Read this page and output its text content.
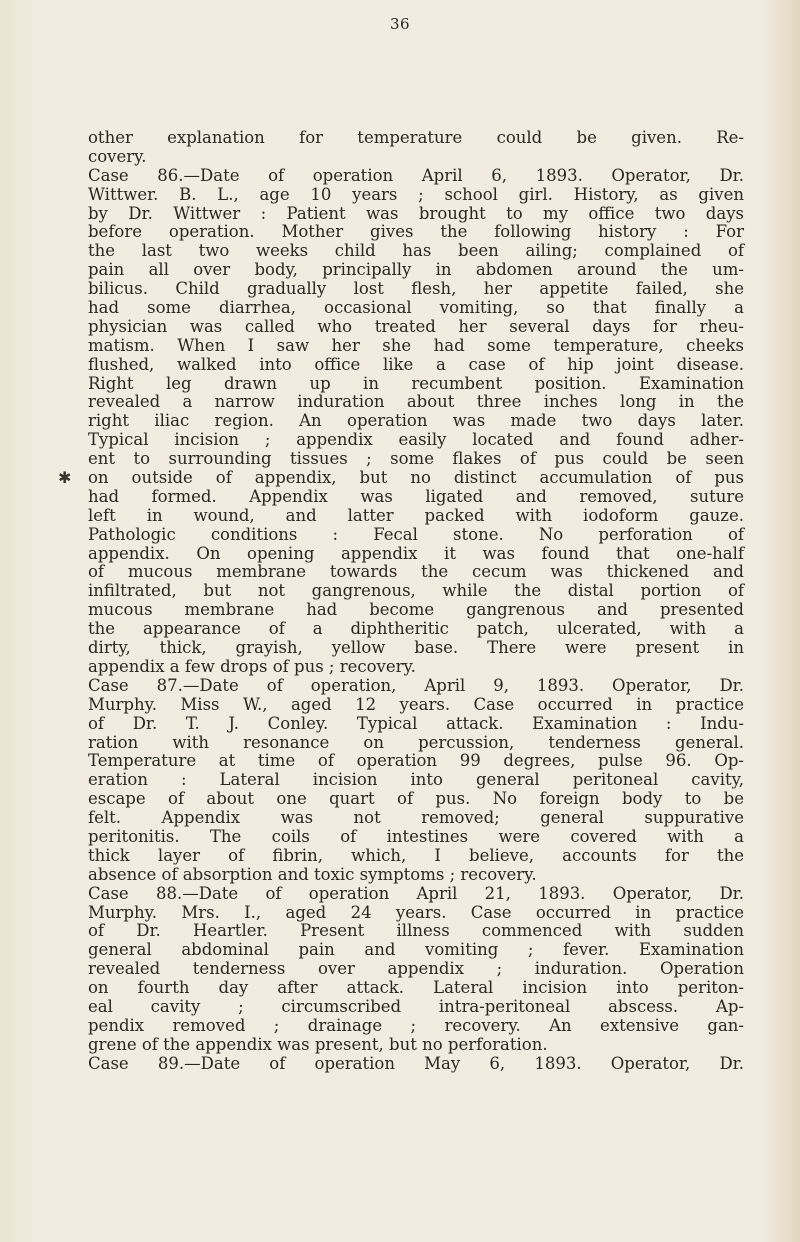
36
✱
other explanation for temperature could be given. Re-
covery.
Case 86.—Date of operation April 6, 1893. Operator, Dr.
Wittwer. B. L., age 10 years ; school girl. History, as given
by Dr. Wittwer : Patient was brought to my office two days
before operation. Mother gives the following history : For
the last two weeks child has been ailing; complained of
pain all over body, principally in abdomen around the um-
bilicus. Child gradually lost flesh, her appetite failed, she
had some diarrhea, occasional vomiting, so that finally a
physician was called who treated her several days for rheu-
matism. When I saw her she had some temperature, cheeks
flushed, walked into office like a case of hip joint disease.
Right leg drawn up in recumbent position. Examination
revealed a narrow induration about three inches long in the
right iliac region. An operation was made two days later.
Typical incision ; appendix easily located and found adher-
ent to surrounding tissues ; some flakes of pus could be seen
on outside of appendix, but no distinct accumulation of pus
had formed. Appendix was ligated and removed, suture
left in wound, and latter packed with iodoform gauze.
Pathologic conditions : Fecal stone. No perforation of
appendix. On opening appendix it was found that one-half
of mucous membrane towards the cecum was thickened and
infiltrated, but not gangrenous, while the distal portion of
mucous membrane had become gangrenous and presented
the appearance of a diphtheritic patch, ulcerated, with a
dirty, thick, grayish, yellow base. There were present in
appendix a few drops of pus ; recovery.
Case 87.—Date of operation, April 9, 1893. Operator, Dr.
Murphy. Miss W., aged 12 years. Case occurred in practice
of Dr. T. J. Conley. Typical attack. Examination : Indu-
ration with resonance on percussion, tenderness general.
Temperature at time of operation 99 degrees, pulse 96. Op-
eration : Lateral incision into general peritoneal cavity,
escape of about one quart of pus. No foreign body to be
felt. Appendix was not removed; general suppurative
peritonitis. The coils of intestines were covered with a
thick layer of fibrin, which, I believe, accounts for the
absence of absorption and toxic symptoms ; recovery.
Case 88.—Date of operation April 21, 1893. Operator, Dr.
Murphy. Mrs. I., aged 24 years. Case occurred in practice
of Dr. Heartler. Present illness commenced with sudden
general abdominal pain and vomiting ; fever. Examination
revealed tenderness over appendix ; induration. Operation
on fourth day after attack. Lateral incision into periton-
eal cavity ; circumscribed intra-peritoneal abscess. Ap-
pendix removed ; drainage ; recovery. An extensive gan-
grene of the appendix was present, but no perforation.
Case 89.—Date of operation May 6, 1893. Operator, Dr.
